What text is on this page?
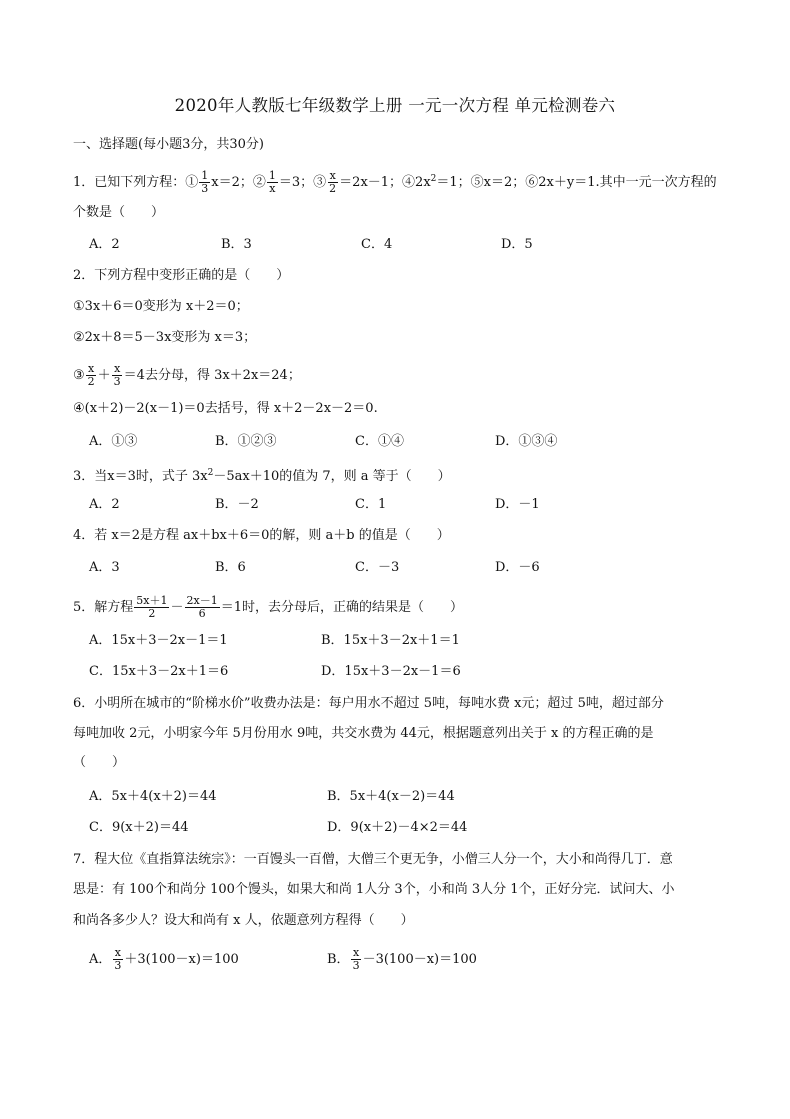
2020年人教版七年级数学上册 一元一次方程 单元检测卷六
一、选择题(每小题3分，共30分)
1．已知下列方程：① $\frac{1}{3} x=2$；② $\frac{1}{x} =3$；③ $\frac{x}{2} =2x-1$；$④2x^2=1$；⑤x＝2；⑥2x＋y＝1.其中一元一次方程的
个数是（　　）
A．2	B．3	C．4	D．5
2．下列方程中变形正确的是（　　）
①3x＋6＝0变形为 x＋2＝0；
②2x＋8＝5－3x变形为 x＝3；
③ $\frac{x}{2} + \frac{x}{3} =4$去分母，得 3x＋2x＝24；
④(x＋2)－2(x－1)＝0去括号，得 x＋2－2x－2＝0.
A．①③	B．①②③	C．①④	D．①③④
3．当x＝3时，式子 $3x^2-5ax+10$的值为 7，则 a 等于（　　）
A．2	B．－2	C．1	D．－1
4．若 x＝2是方程 ax＋bx＋6＝0的解，则 a＋b 的值是（　　）
A．3	B．6	C．－3	D．－6
5．解方程 $\frac{5x+1}{2} - \frac{2x-1}{6} =1$时，去分母后，正确的结果是（　　）
A．15x＋3－2x－1＝1	B．15x＋3－2x＋1＝1
C．15x＋3－2x＋1＝6	D．15x＋3－2x－1＝6
6．小明所在城市的“阶梯水价”收费办法是：每户用水不超过 5吨，每吨水费 x元；超过 5吨，超过部分
每吨加收 2元，小明家今年 5月份用水 9吨，共交水费为 44元，根据题意列出关于 x 的方程正确的是
（　　）
A．5x＋4(x＋2)＝44	B．5x＋4(x－2)＝44
C．9(x＋2)＝44	D．9(x＋2)－4×2＝44
7．程大位《直指算法统宗》：一百馒头一百僧，大僧三个更无争，小僧三人分一个，大小和尚得几丁．意
思是：有 100个和尚分 100个馒头，如果大和尚 1人分 3个，小和尚 3人分 1个，正好分完．试问大、小
和尚各多少人？设大和尚有 x 人，依题意列方程得（　　）
A． $\frac{x}{3} +3(100-x)=100$	B． $\frac{x}{3} -3(100-x)=100$
